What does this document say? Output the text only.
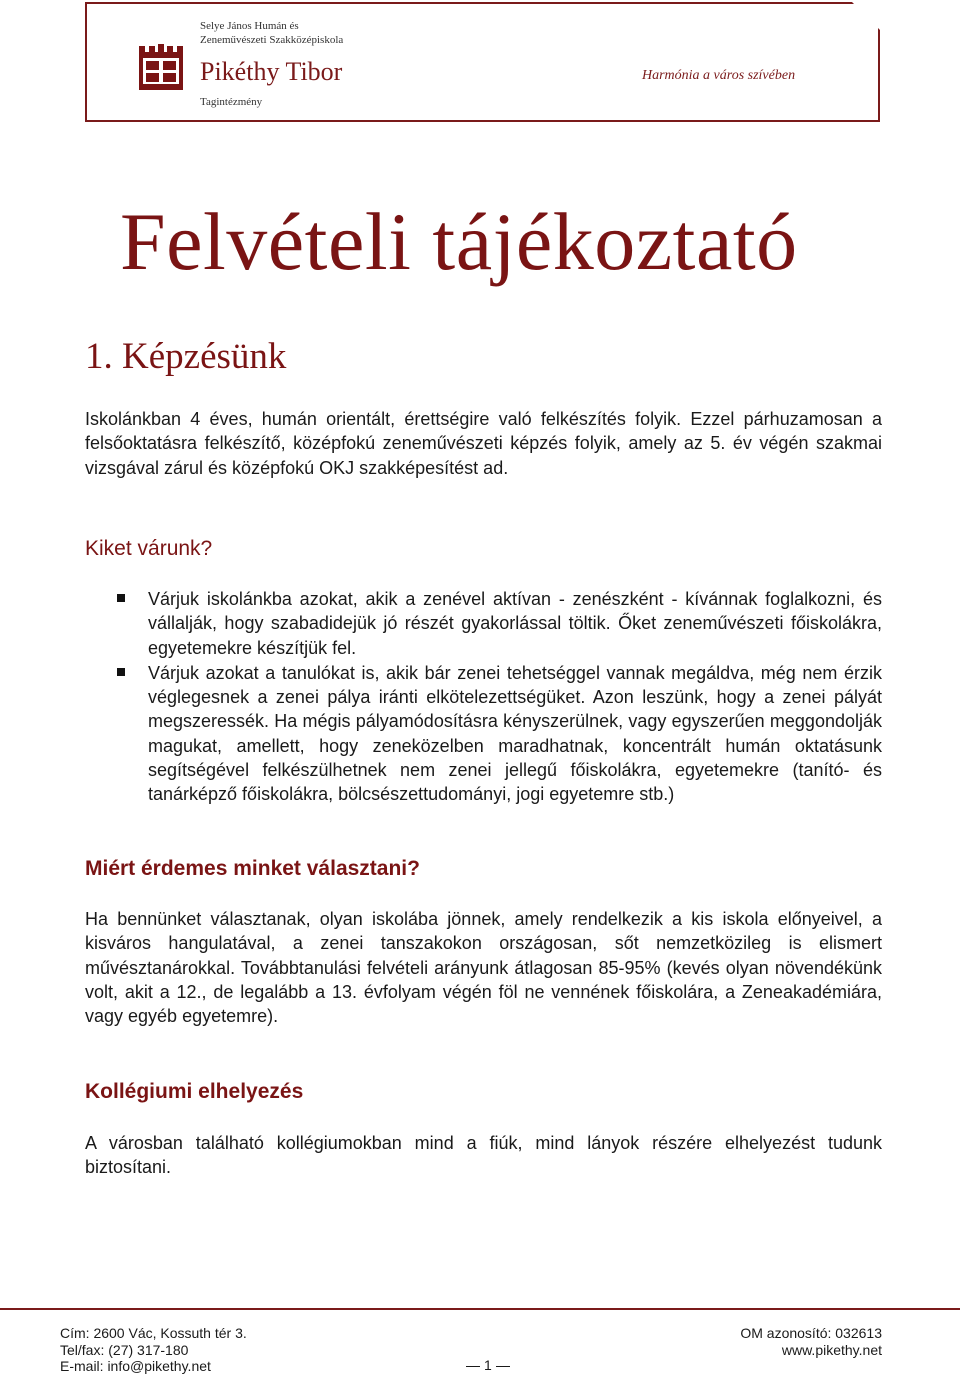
Selye János Humán és
Zeneművészeti Szakközépiskola
Pikéthy Tibor
Tagintézmény
Harmónia a város szívében
Felvételi tájékoztató
1. Képzésünk

Iskolánkban 4 éves, humán orientált, érettségire való felkészítés folyik. Ezzel párhuzamosan a felsőoktatásra felkészítő, középfokú zeneművészeti képzés folyik, amely az 5. év végén szakmai vizsgával zárul és középfokú OKJ szakképesítést ad.

Kiket várunk?
Várjuk iskolánkba azokat, akik a zenével aktívan - zenészként - kívánnak foglalkozni, és vállalják, hogy szabadidejük jó részét gyakorlással töltik. Őket zeneművészeti főiskolákra, egyetemekre készítjük fel.
Várjuk azokat a tanulókat is, akik bár zenei tehetséggel vannak megáldva, még nem érzik véglegesnek a zenei pálya iránti elkötelezettségüket. Azon leszünk, hogy a zenei pályát megszeressék. Ha mégis pályamódosításra kényszerülnek, vagy egyszerűen meggondolják magukat, amellett, hogy zeneközelben maradhatnak, koncentrált humán oktatásunk segítségével felkészülhetnek nem zenei jellegű főiskolákra, egyetemekre (tanító- és tanárképző főiskolákra, bölcsészettudományi, jogi egyetemre stb.)
Miért érdemes minket választani?

Ha bennünket választanak, olyan iskolába jönnek, amely rendelkezik a kis iskola előnyeivel, a kisváros hangulatával, a zenei tanszakokon országosan, sőt nemzetközileg is elismert művésztanárokkal. Továbbtanulási felvételi arányunk átlagosan 85-95% (kevés olyan növendékünk volt, akit a 12., de legalább a 13. évfolyam végén föl ne vennének főiskolára, a Zeneakadémiára, vagy egyéb egyetemre).

Kollégiumi elhelyezés

A városban található kollégiumokban mind a fiúk, mind lányok részére elhelyezést tudunk biztosítani.

Cím: 2600 Vác, Kossuth tér 3.
Tel/fax: (27) 317-180
E-mail: info@pikethy.net
OM azonosító: 032613
www.pikethy.net
1
